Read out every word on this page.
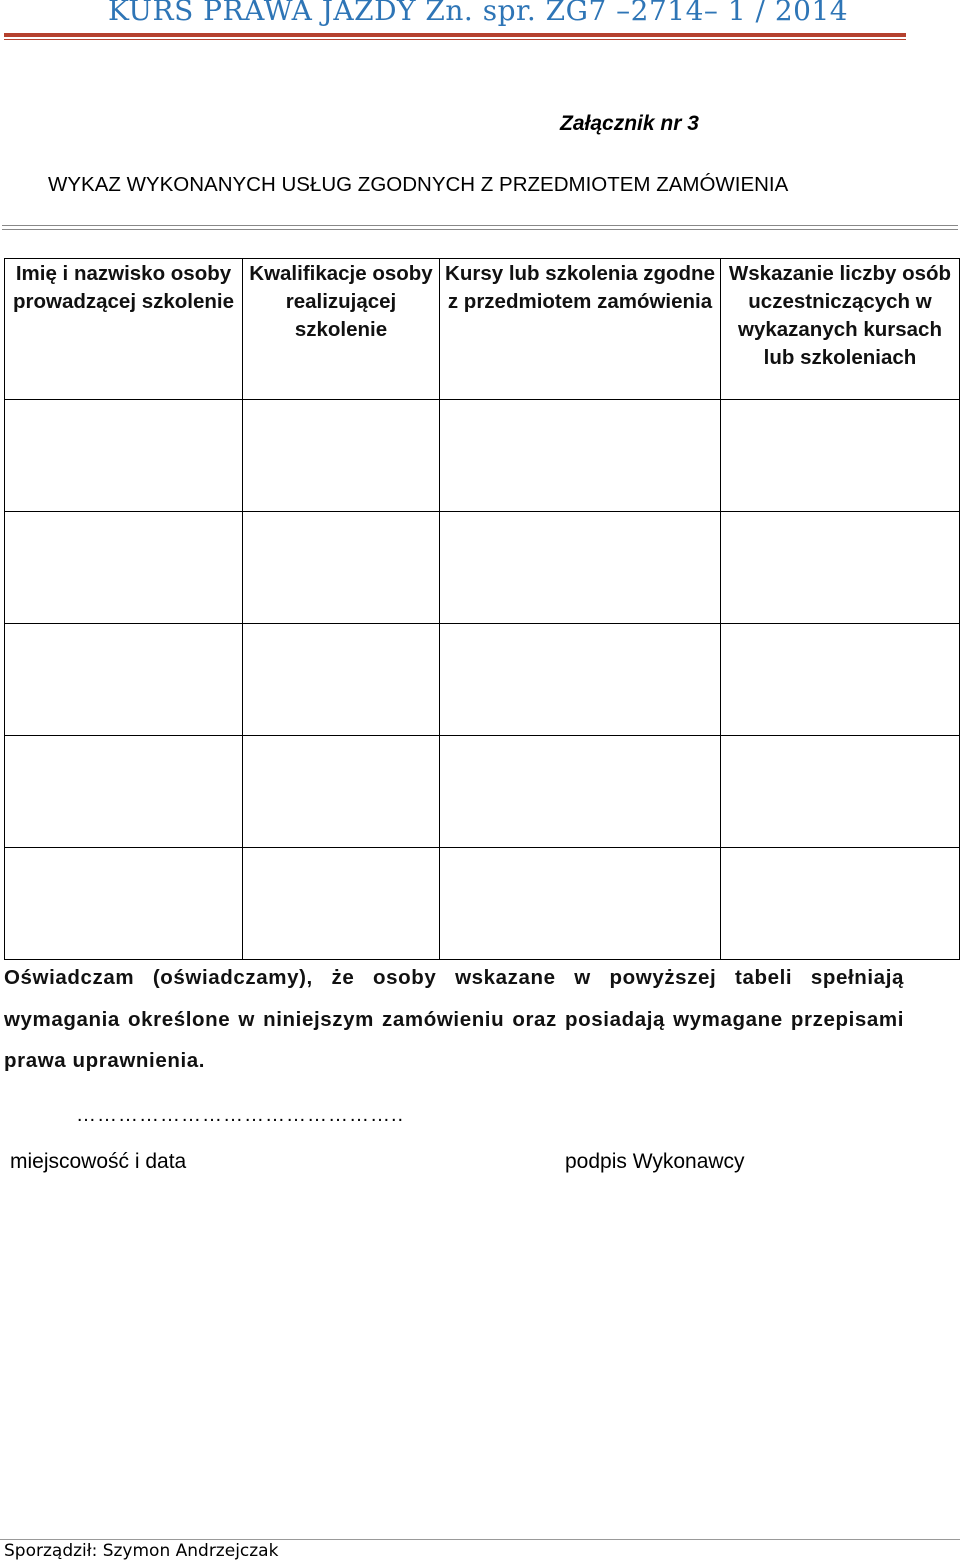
KURS PRAWA JAZDY Zn. spr. ZG7 –2714– 1 / 2014
Załącznik nr 3
WYKAZ WYKONANYCH USŁUG ZGODNYCH Z PRZEDMIOTEM ZAMÓWIENIA
Imię i nazwisko osoby prowadzącej szkolenie	Kwalifikacje osoby realizującej szkolenie	Kursy lub szkolenia zgodne z przedmiotem zamówienia	Wskazanie liczby osób uczestniczących w wykazanych kursach lub szkoleniach

Oświadczam (oświadczamy), że osoby wskazane w powyższej tabeli spełniają wymagania określone w niniejszym zamówieniu oraz posiadają wymagane przepisami prawa uprawnienia.
………………………………………..
miejscowość i data	podpis Wykonawcy
Sporządził: Szymon Andrzejczak
